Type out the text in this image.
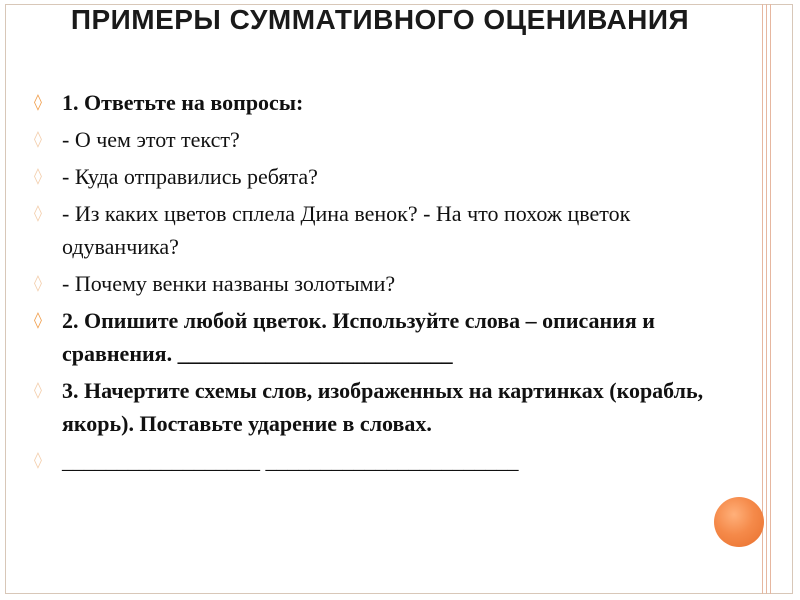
ПРИМЕРЫ СУММАТИВНОГО ОЦЕНИВАНИЯ
◊ 1. Ответьте на вопросы:
◊ - О чем этот текст?
◊ - Куда отправились ребята?
◊ - Из каких цветов сплела Дина венок? - На что похож цветок одуванчика?
◊ - Почему венки названы золотыми?
◊ 2. Опишите любой цветок. Используйте слова – описания и сравнения. _________________________
◊ 3. Начертите схемы слов, изображенных на картинках (корабль, якорь). Поставьте ударение в словах.
◊ __________________ _______________________
